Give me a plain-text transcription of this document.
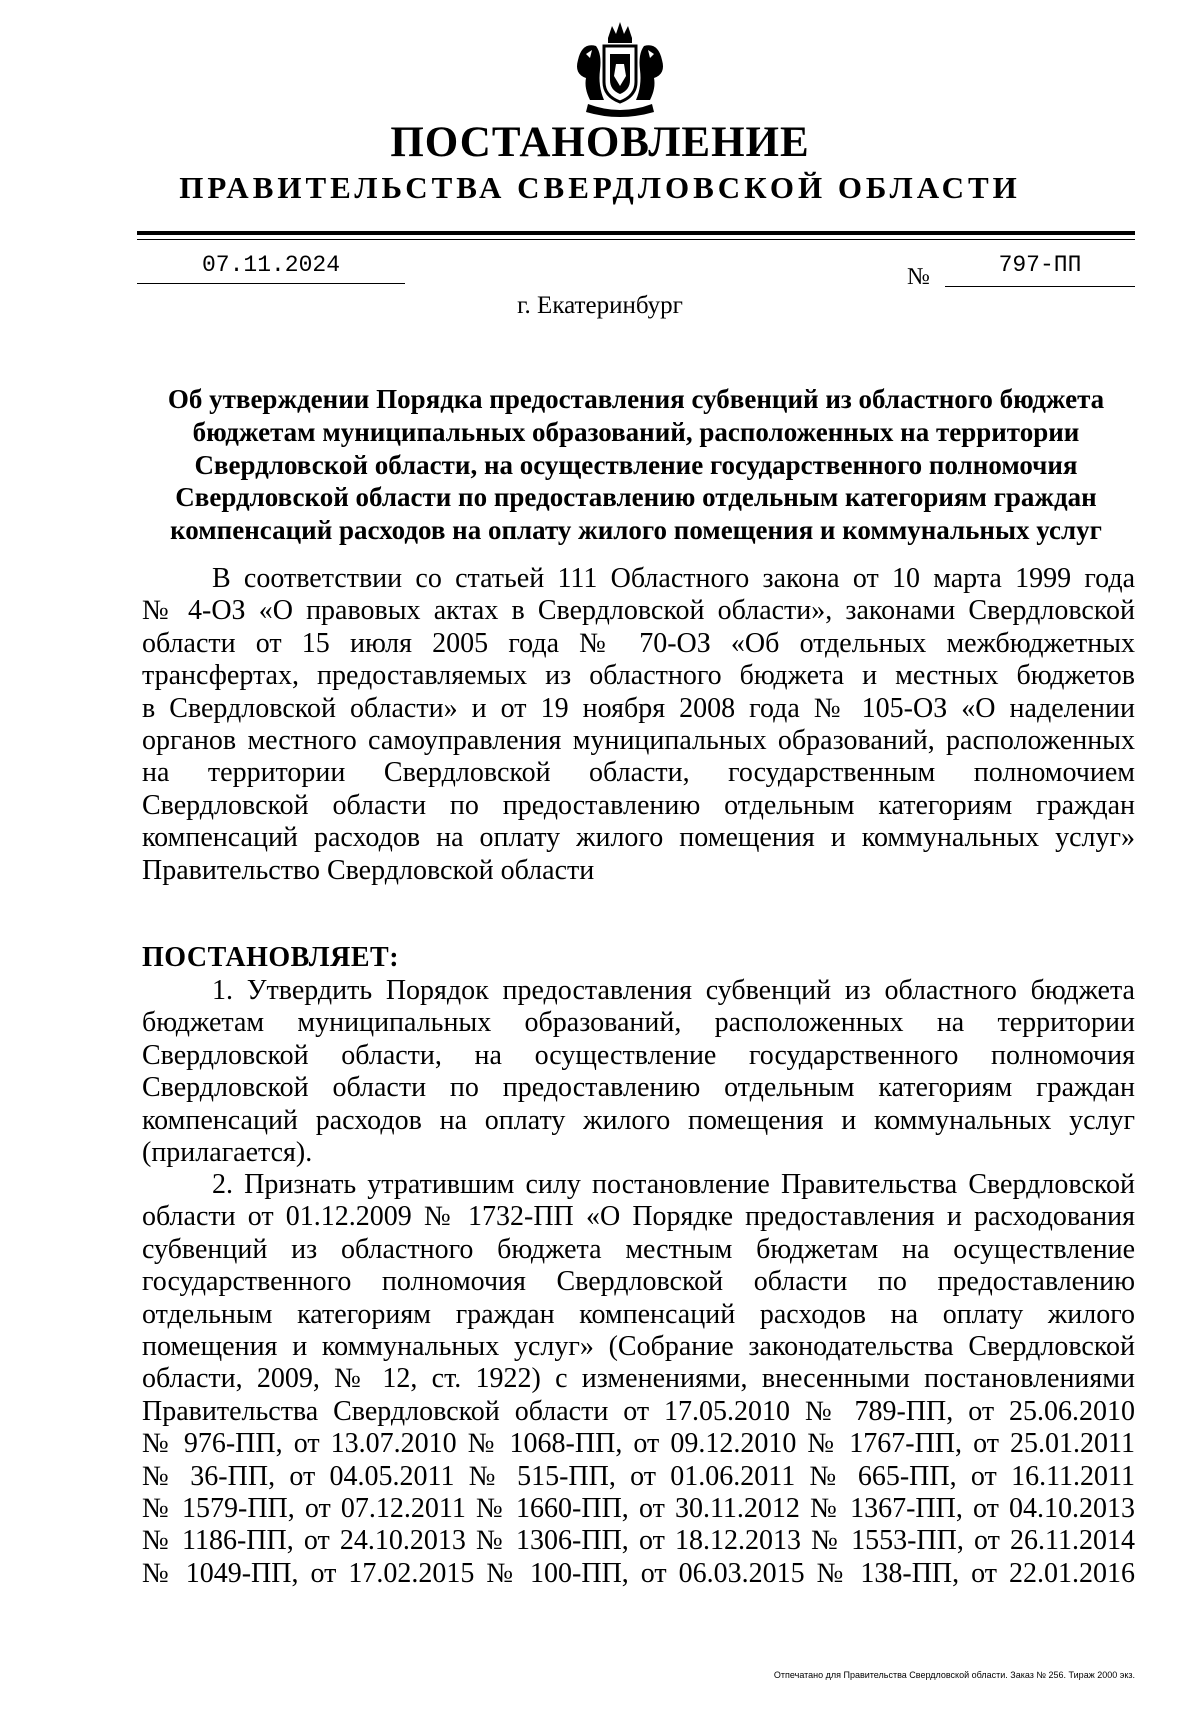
ПОСТАНОВЛЕНИЕ
ПРАВИТЕЛЬСТВА СВЕРДЛОВСКОЙ ОБЛАСТИ
07.11.2024	№	797-ПП
г. Екатеринбург
Об утверждении Порядка предоставления субвенций из областного бюджета
бюджетам муниципальных образований, расположенных на территории
Свердловской области, на осуществление государственного полномочия
Свердловской области по предоставлению отдельным категориям граждан
компенсаций расходов на оплату жилого помещения и коммунальных услуг
В соответствии со статьей 111 Областного закона от 10 марта 1999 года
№ 4-ОЗ «О правовых актах в Свердловской области», законами Свердловской
области от 15 июля 2005 года № 70-ОЗ «Об отдельных межбюджетных
трансфертах, предоставляемых из областного бюджета и местных бюджетов
в Свердловской области» и от 19 ноября 2008 года № 105-ОЗ «О наделении
органов местного самоуправления муниципальных образований, расположенных
на территории Свердловской области, государственным полномочием
Свердловской области по предоставлению отдельным категориям граждан
компенсаций расходов на оплату жилого помещения и коммунальных услуг»
Правительство Свердловской области
ПОСТАНОВЛЯЕТ:
1. Утвердить Порядок предоставления субвенций из областного бюджета
бюджетам муниципальных образований, расположенных на территории
Свердловской области, на осуществление государственного полномочия
Свердловской области по предоставлению отдельным категориям граждан
компенсаций расходов на оплату жилого помещения и коммунальных услуг
(прилагается).
2. Признать утратившим силу постановление Правительства Свердловской
области от 01.12.2009 № 1732-ПП «О Порядке предоставления и расходования
субвенций из областного бюджета местным бюджетам на осуществление
государственного полномочия Свердловской области по предоставлению
отдельным категориям граждан компенсаций расходов на оплату жилого
помещения и коммунальных услуг» (Собрание законодательства Свердловской
области, 2009, № 12, ст. 1922) с изменениями, внесенными постановлениями
Правительства Свердловской области от 17.05.2010 № 789-ПП, от 25.06.2010
№ 976-ПП, от 13.07.2010 № 1068-ПП, от 09.12.2010 № 1767-ПП, от 25.01.2011
№ 36-ПП, от 04.05.2011 № 515-ПП, от 01.06.2011 № 665-ПП, от 16.11.2011
№ 1579-ПП, от 07.12.2011 № 1660-ПП, от 30.11.2012 № 1367-ПП, от 04.10.2013
№ 1186-ПП, от 24.10.2013 № 1306-ПП, от 18.12.2013 № 1553-ПП, от 26.11.2014
№ 1049-ПП, от 17.02.2015 № 100-ПП, от 06.03.2015 № 138-ПП, от 22.01.2016
Отпечатано для Правительства Свердловской области. Заказ № 256. Тираж 2000 экз.
